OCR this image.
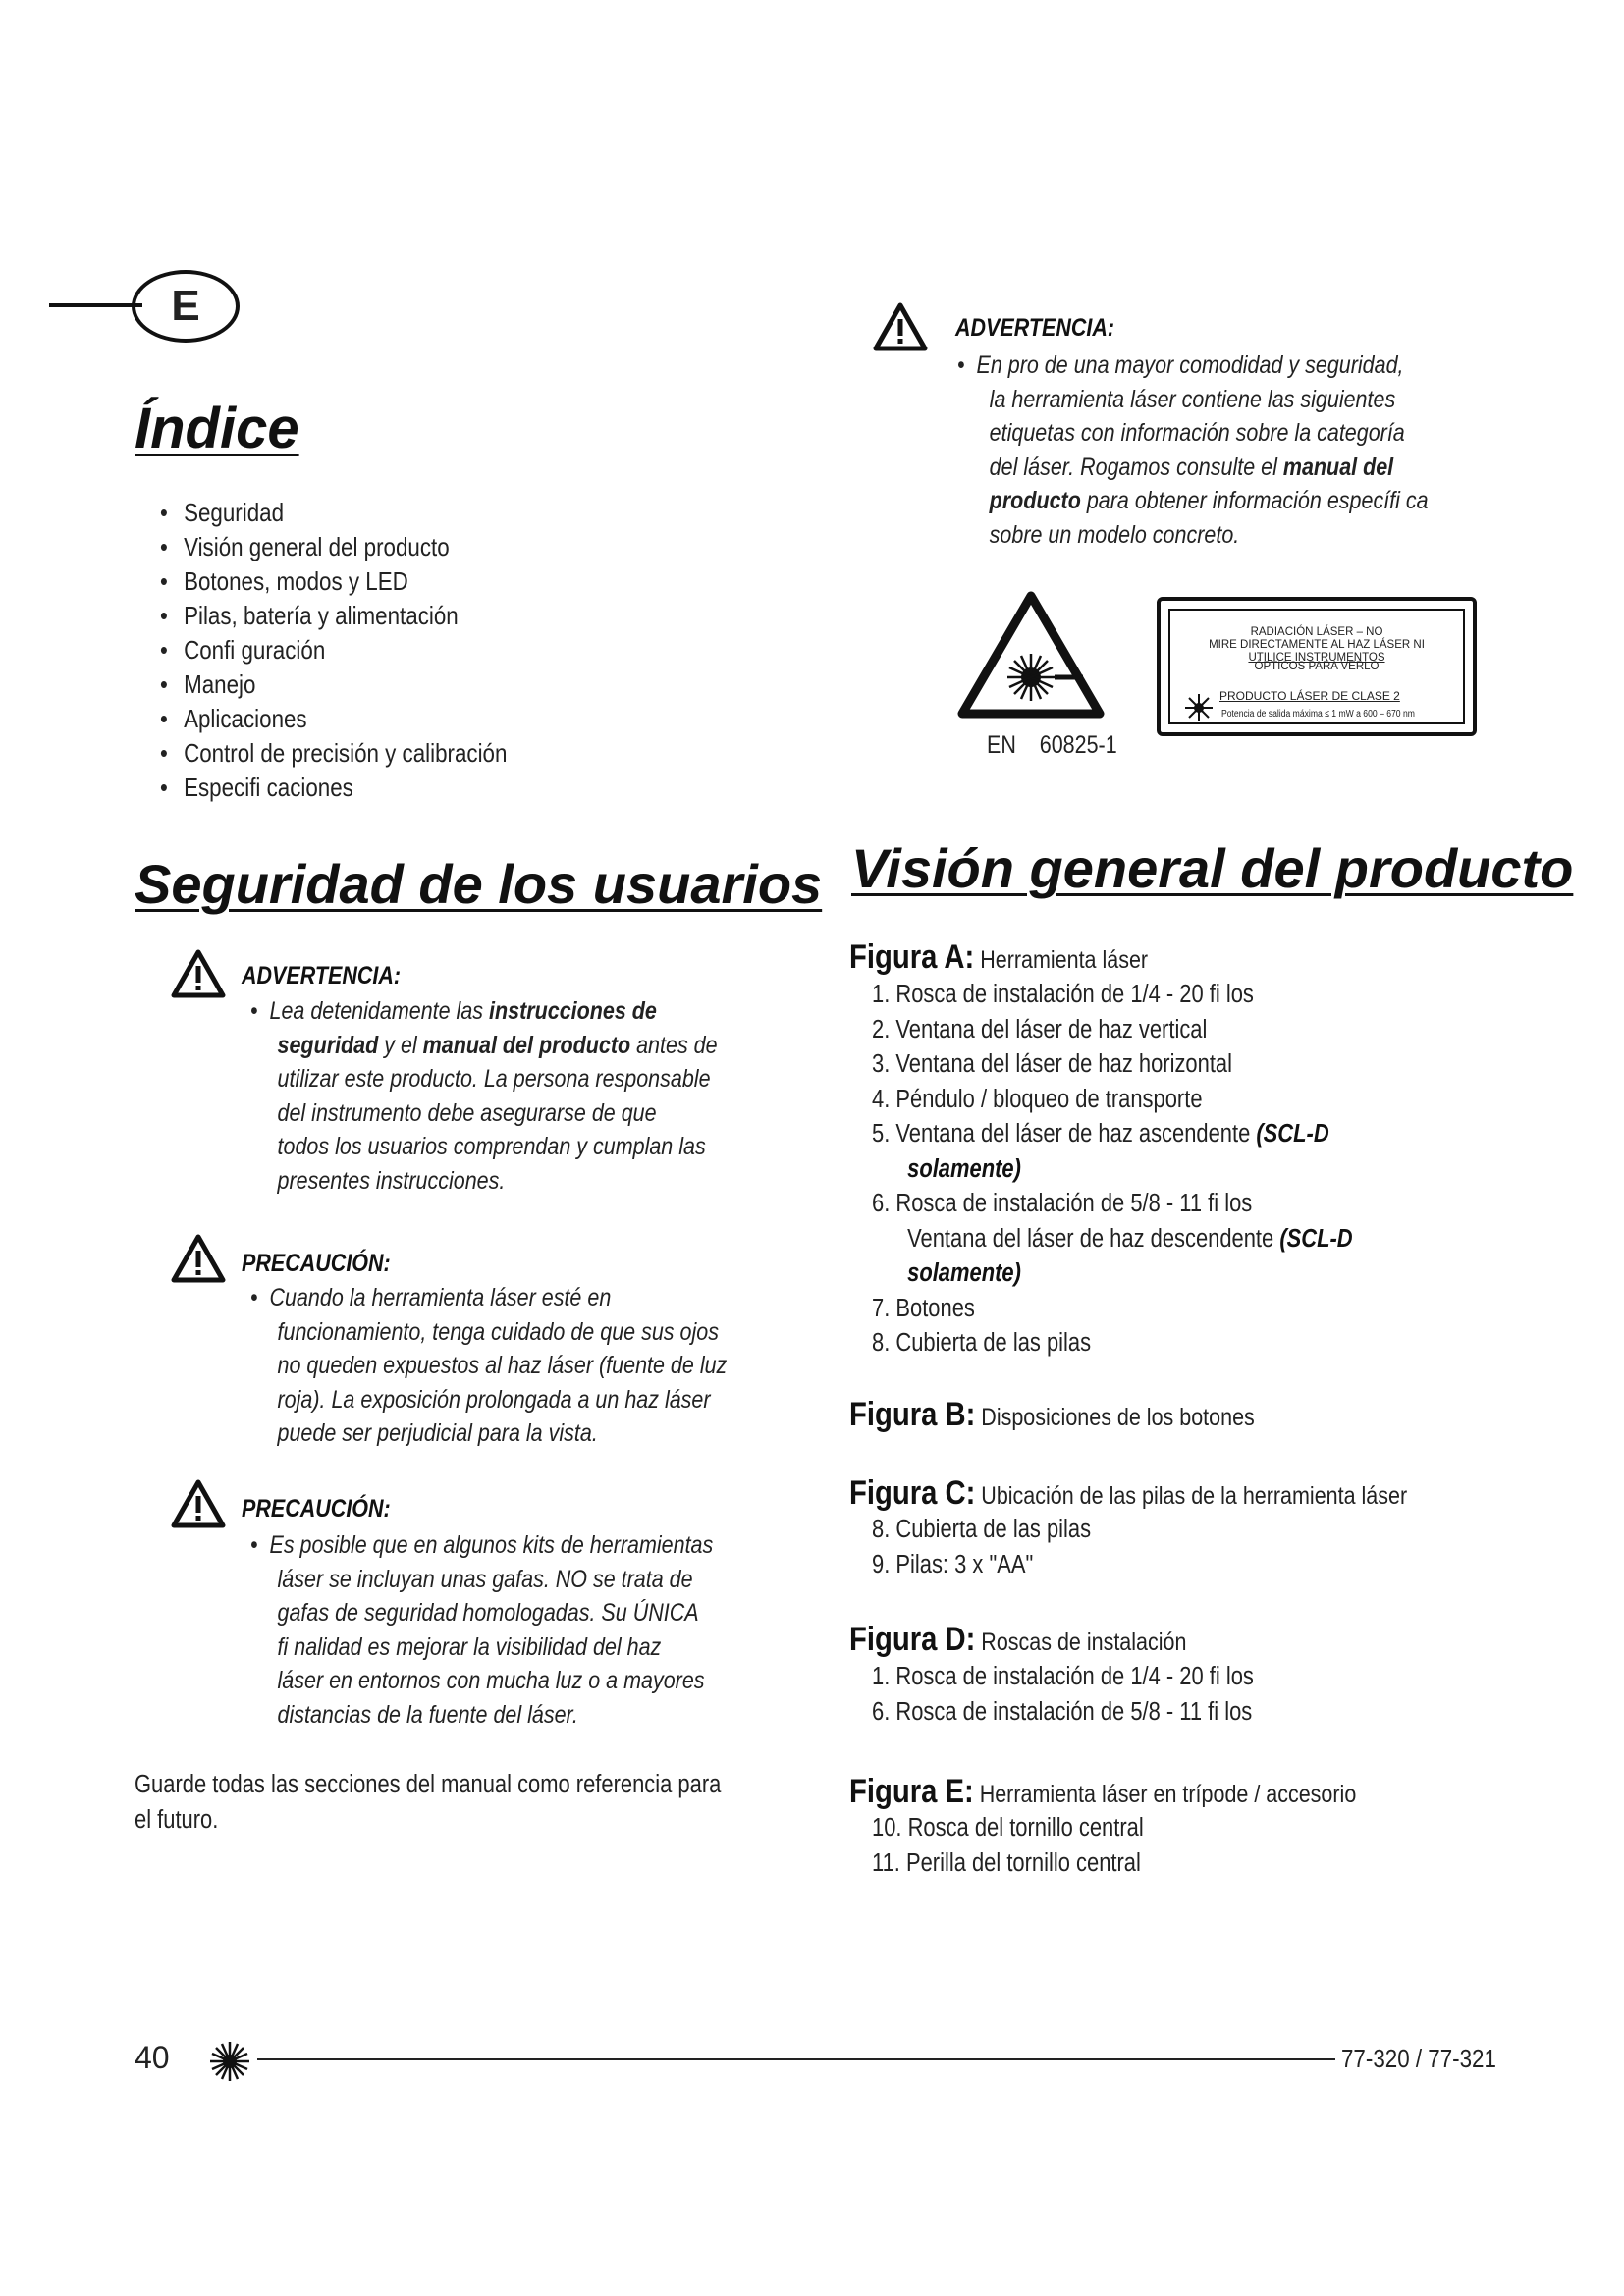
E
Índice
• Seguridad
• Visión general del producto
• Botones, modos y LED
• Pilas, batería y alimentación
• Confi guración
• Manejo
• Aplicaciones
• Control de precisión y calibración
• Especifi caciones
Seguridad de los usuarios
ADVERTENCIA:

•  Lea detenidamente las instrucciones de

seguridad y el manual del producto antes de

utilizar este producto. La persona responsable

del instrumento debe asegurarse de que

todos los usuarios comprendan y cumplan las

presentes instrucciones.

PRECAUCIÓN:

•  Cuando la herramienta láser esté en

funcionamiento, tenga cuidado de que sus ojos

no queden expuestos al haz láser (fuente de luz

roja). La exposición prolongada a un haz láser

puede ser perjudicial para la vista.

PRECAUCIÓN:

•  Es posible que en algunos kits de herramientas

láser se incluyan unas gafas. NO se trata de

gafas de seguridad homologadas. Su ÚNICA

fi nalidad es mejorar la visibilidad del haz

láser en entornos con mucha luz o a mayores

distancias de la fuente del láser.

Guarde todas las secciones del manual como referencia para
el futuro.
ADVERTENCIA:

•  En pro de una mayor comodidad y seguridad,

la herramienta láser contiene las siguientes

etiquetas con información sobre la categoría

del láser. Rogamos consulte el manual del

producto para obtener información específi ca

sobre un modelo concreto.

EN    60825-1
RADIACIÓN LÁSER – NO
MIRE DIRECTAMENTE AL HAZ LÁSER NI
UTILICE INSTRUMENTOS
ÓPTICOS PARA VERLO
PRODUCTO LÁSER DE CLASE 2
Potencia de salida máxima ≤ 1 mW a 600 – 670 nm
Visión general del producto
Figura A: Herramienta láser
1. Rosca de instalación de 1/4 - 20 fi los
2. Ventana del láser de haz vertical
3. Ventana del láser de haz horizontal
4. Péndulo / bloqueo de transporte
5. Ventana del láser de haz ascendente (SCL-D
solamente)
6. Rosca de instalación de 5/8 - 11 fi los
Ventana del láser de haz descendente (SCL-D
solamente)
7. Botones
8. Cubierta de las pilas
Figura B: Disposiciones de los botones
Figura C: Ubicación de las pilas de la herramienta láser
8. Cubierta de las pilas
9. Pilas: 3 x "AA"
Figura D: Roscas de instalación
1. Rosca de instalación de 1/4 - 20 fi los
6. Rosca de instalación de 5/8 - 11 fi los
Figura E: Herramienta láser en trípode / accesorio
10. Rosca del tornillo central
11. Perilla del tornillo central
40	77-320 / 77-321
